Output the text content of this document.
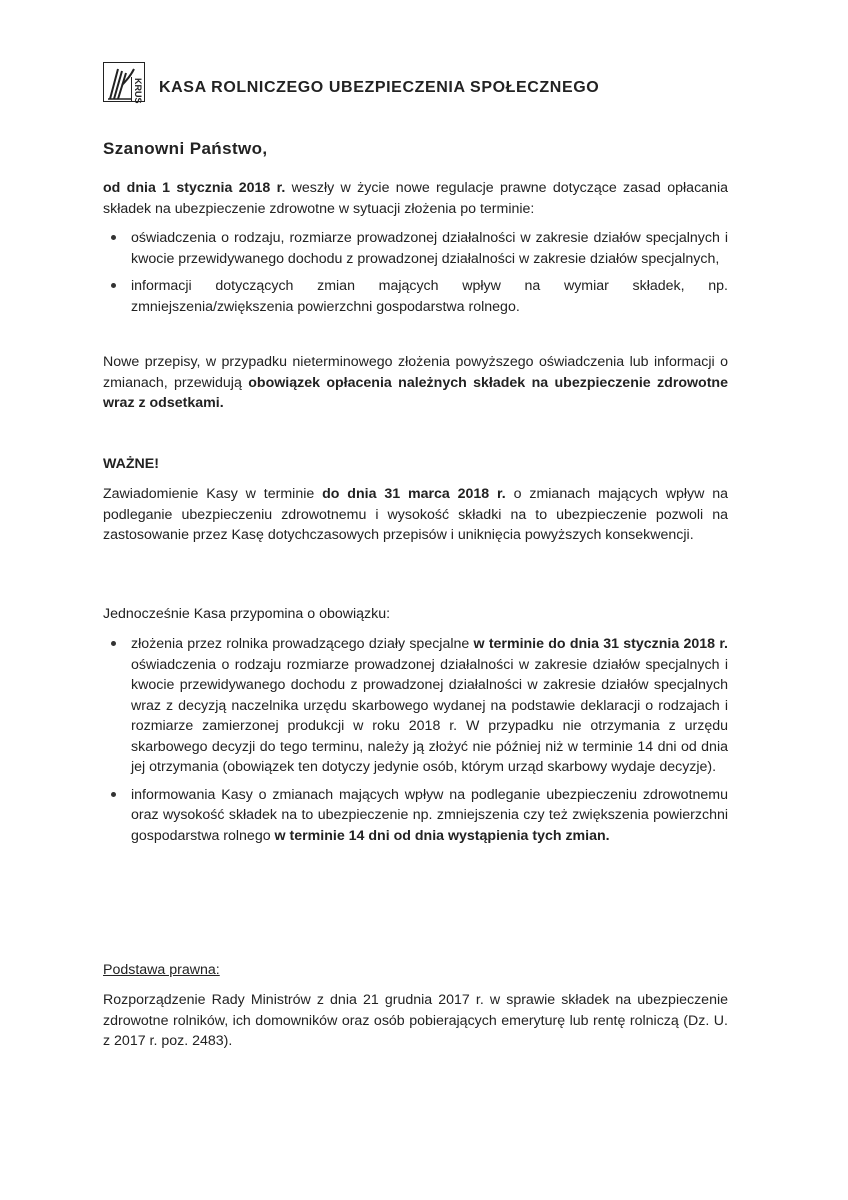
KRUS KASA ROLNICZEGO UBEZPIECZENIA SPOŁECZNEGO
Szanowni Państwo,
od dnia 1 stycznia 2018 r. weszły w życie nowe regulacje prawne dotyczące zasad opłacania składek na ubezpieczenie zdrowotne w sytuacji złożenia po terminie:
oświadczenia o rodzaju, rozmiarze prowadzonej działalności w zakresie działów specjalnych i kwocie przewidywanego dochodu z prowadzonej działalności w zakresie działów specjalnych,
informacji dotyczących zmian mających wpływ na wymiar składek, np. zmniejszenia/zwiększenia powierzchni gospodarstwa rolnego.
Nowe przepisy, w przypadku nieterminowego złożenia powyższego oświadczenia lub informacji o zmianach, przewidują obowiązek opłacenia należnych składek na ubezpieczenie zdrowotne wraz z odsetkami.
WAŻNE!
Zawiadomienie Kasy w terminie do dnia 31 marca 2018 r. o zmianach mających wpływ na podleganie ubezpieczeniu zdrowotnemu i wysokość składki na to ubezpieczenie pozwoli na zastosowanie przez Kasę dotychczasowych przepisów i uniknięcia powyższych konsekwencji.
Jednocześnie Kasa przypomina o obowiązku:
złożenia przez rolnika prowadzącego działy specjalne w terminie do dnia 31 stycznia 2018 r. oświadczenia o rodzaju rozmiarze prowadzonej działalności w zakresie działów specjalnych i kwocie przewidywanego dochodu z prowadzonej działalności w zakresie działów specjalnych wraz z decyzją naczelnika urzędu skarbowego wydanej na podstawie deklaracji o rodzajach i rozmiarze zamierzonej produkcji w roku 2018 r. W przypadku nie otrzymania z urzędu skarbowego decyzji do tego terminu, należy ją złożyć nie później niż w terminie 14 dni od dnia jej otrzymania (obowiązek ten dotyczy jedynie osób, którym urząd skarbowy wydaje decyzje).
informowania Kasy o zmianach mających wpływ na podleganie ubezpieczeniu zdrowotnemu oraz wysokość składek na to ubezpieczenie np. zmniejszenia czy też zwiększenia powierzchni gospodarstwa rolnego w terminie 14 dni od dnia wystąpienia tych zmian.
Podstawa prawna:
Rozporządzenie Rady Ministrów z dnia 21 grudnia 2017 r. w sprawie składek na ubezpieczenie zdrowotne rolników, ich domowników oraz osób pobierających emeryturę lub rentę rolniczą (Dz. U. z 2017 r. poz. 2483).
